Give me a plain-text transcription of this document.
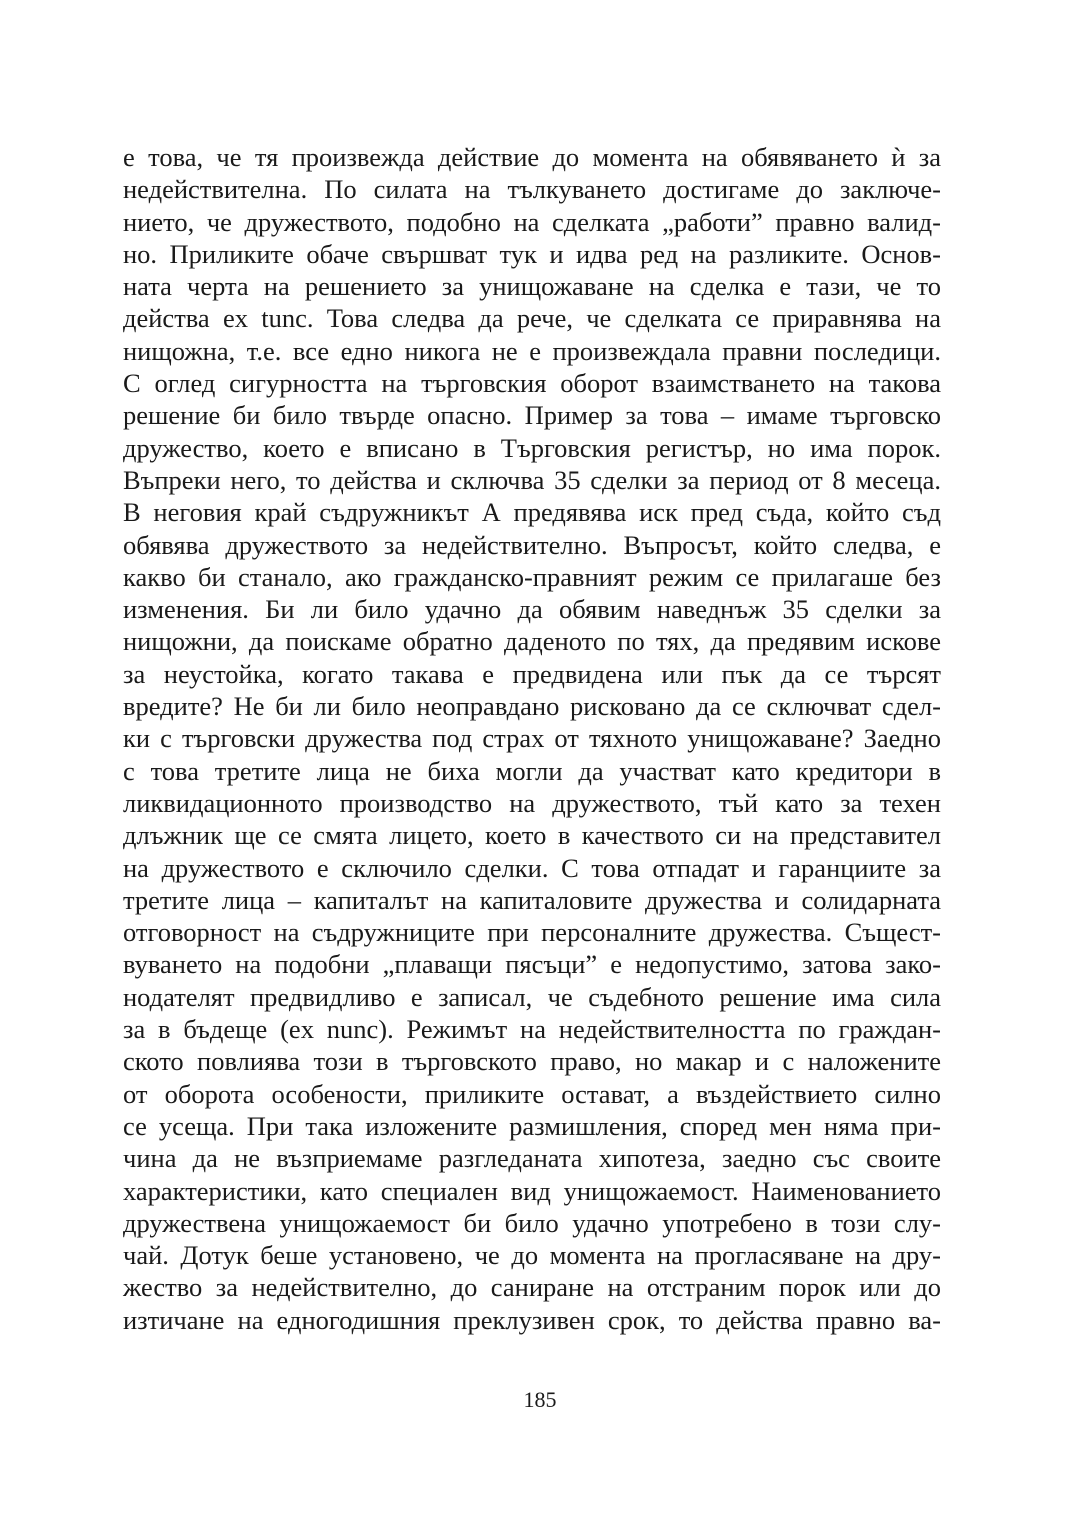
е това, че тя произвежда действие до момента на обявяването ѝ за
недействителна. По силата на тълкуването достигаме до заключе-
нието, че дружеството, подобно на сделката „работи” правно валид-
но. Приликите обаче свършват тук и идва ред на разликите. Основ-
ната черта на решението за унищожаване на сделка е тази, че то
действа ex tunc. Това следва да рече, че сделката се приравнява на
нищожна, т.е. все едно никога не е произвеждала правни последици.
С оглед сигурността на търговския оборот взаимстването на такова
решение би било твърде опасно. Пример за това – имаме търговско
дружество, което е вписано в Търговския регистър, но има порок.
Въпреки него, то действа и сключва 35 сделки за период от 8 месеца.
В неговия край съдружникът А предявява иск пред съда, който съд
обявява дружеството за недействително. Въпросът, който следва, е
какво би станало, ако гражданско-правният режим се прилагаше без
изменения. Би ли било удачно да обявим наведнъж 35 сделки за
нищожни, да поискаме обратно даденото по тях, да предявим искове
за неустойка, когато такава е предвидена или пък да се търсят
вредите? Не би ли било неоправдано рисковано да се сключват сдел-
ки с търговски дружества под страх от тяхното унищожаване? Заедно
с това третите лица не биха могли да участват като кредитори в
ликвидационното производство на дружеството, тъй като за техен
длъжник ще се смята лицето, което в качеството си на представител
на дружеството е сключило сделки. С това отпадат и гаранциите за
третите лица – капиталът на капиталовите дружества и солидарната
отговорност на съдружниците при персоналните дружества. Същест-
вуването на подобни „плаващи пясъци” е недопустимо, затова зако-
нодателят предвидливо е записал, че съдебното решение има сила
за в бъдеще (ex nunc). Режимът на недействителността по граждан-
ското повлиява този в търговското право, но макар и с наложените
от оборота особености, приликите остават, а въздействието силно
се усеща. При така изложените размишления, според мен няма при-
чина да не възприемаме разгледаната хипотеза, заедно със своите
характеристики, като специален вид унищожаемост. Наименованието
дружествена унищожаемост би било удачно употребено в този слу-
чай. Дотук беше установено, че до момента на прогласяване на дру-
жество за недействително, до саниране на отстраним порок или до
изтичане на едногодишния преклузивен срок, то действа правно ва-

185
